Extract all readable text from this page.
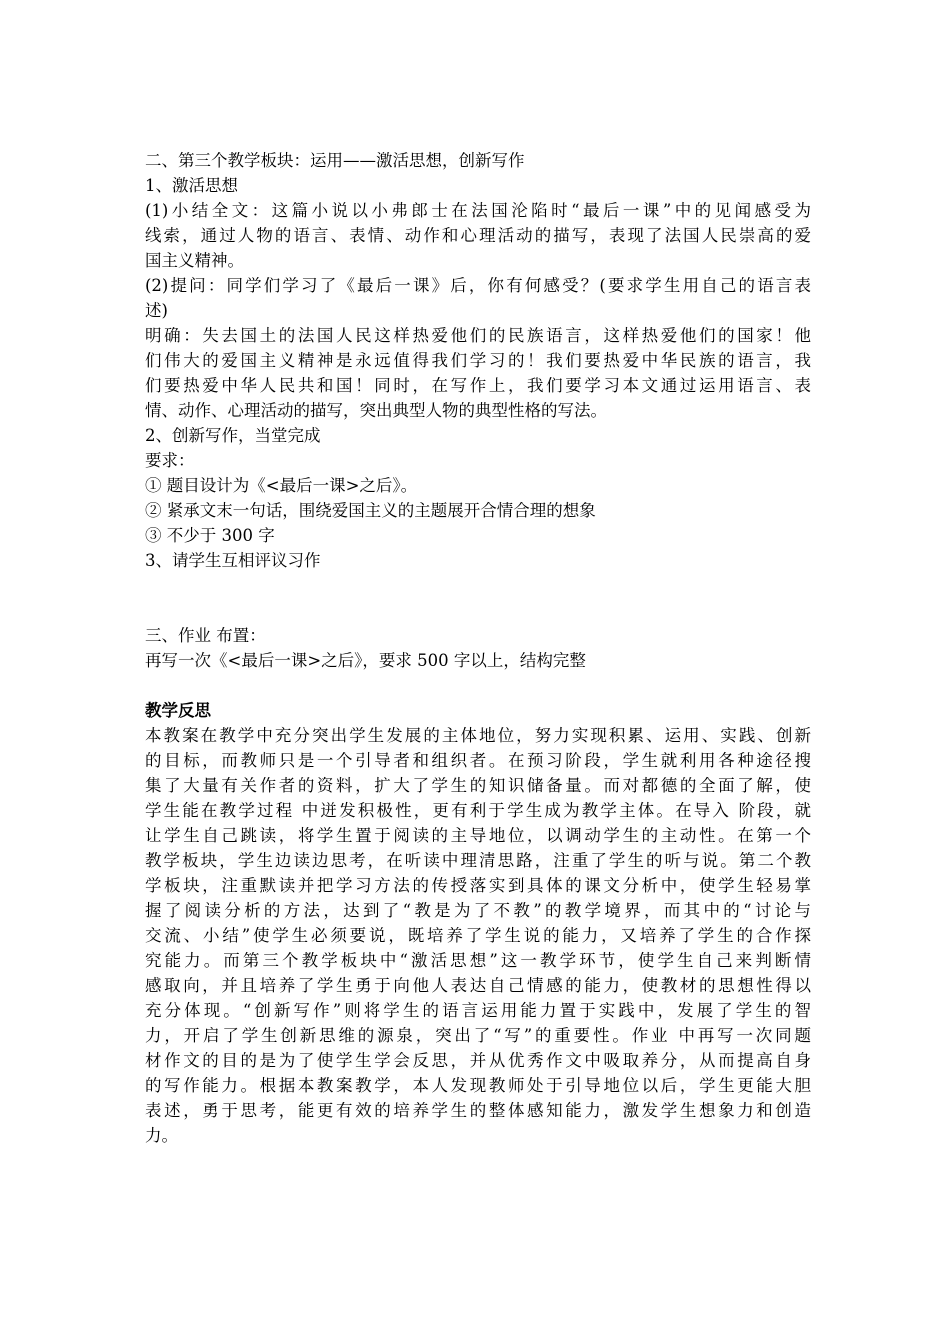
二、第三个教学板块：运用——激活思想，创新写作
1、激活思想
(1)小结全文：这篇小说以小弗郎士在法国沦陷时“最后一课”中的见闻感受为
线索，通过人物的语言、表情、动作和心理活动的描写，表现了法国人民崇高的爱
国主义精神。
(2)提问：同学们学习了《最后一课》后，你有何感受？(要求学生用自己的语言表
述)
明确：失去国土的法国人民这样热爱他们的民族语言，这样热爱他们的国家！他
们伟大的爱国主义精神是永远值得我们学习的！我们要热爱中华民族的语言，我
们要热爱中华人民共和国！同时，在写作上，我们要学习本文通过运用语言、表
情、动作、心理活动的描写，突出典型人物的典型性格的写法。
2、创新写作，当堂完成
要求：
① 题目设计为《<最后一课>之后》。
② 紧承文末一句话，围绕爱国主义的主题展开合情合理的想象
③ 不少于 300 字
3、请学生互相评议习作
三、作业 布置：
再写一次《<最后一课>之后》，要求 500 字以上，结构完整
教学反思
本教案在教学中充分突出学生发展的主体地位，努力实现积累、运用、实践、创新
的目标，而教师只是一个引导者和组织者。在预习阶段，学生就利用各种途径搜
集了大量有关作者的资料，扩大了学生的知识储备量。而对都德的全面了解，使
学生能在教学过程 中迸发积极性，更有利于学生成为教学主体。在导入 阶段，就
让学生自己跳读，将学生置于阅读的主导地位，以调动学生的主动性。在第一个
教学板块，学生边读边思考，在听读中理清思路，注重了学生的听与说。第二个教
学板块，注重默读并把学习方法的传授落实到具体的课文分析中，使学生轻易掌
握了阅读分析的方法，达到了“教是为了不教”的教学境界，而其中的“讨论与
交流、小结”使学生必须要说，既培养了学生说的能力，又培养了学生的合作探
究能力。而第三个教学板块中“激活思想”这一教学环节，使学生自己来判断情
感取向，并且培养了学生勇于向他人表达自己情感的能力，使教材的思想性得以
充分体现。“创新写作”则将学生的语言运用能力置于实践中，发展了学生的智
力，开启了学生创新思维的源泉，突出了“写”的重要性。作业 中再写一次同题
材作文的目的是为了使学生学会反思，并从优秀作文中吸取养分，从而提高自身
的写作能力。根据本教案教学，本人发现教师处于引导地位以后，学生更能大胆
表述，勇于思考，能更有效的培养学生的整体感知能力，激发学生想象力和创造
力。
